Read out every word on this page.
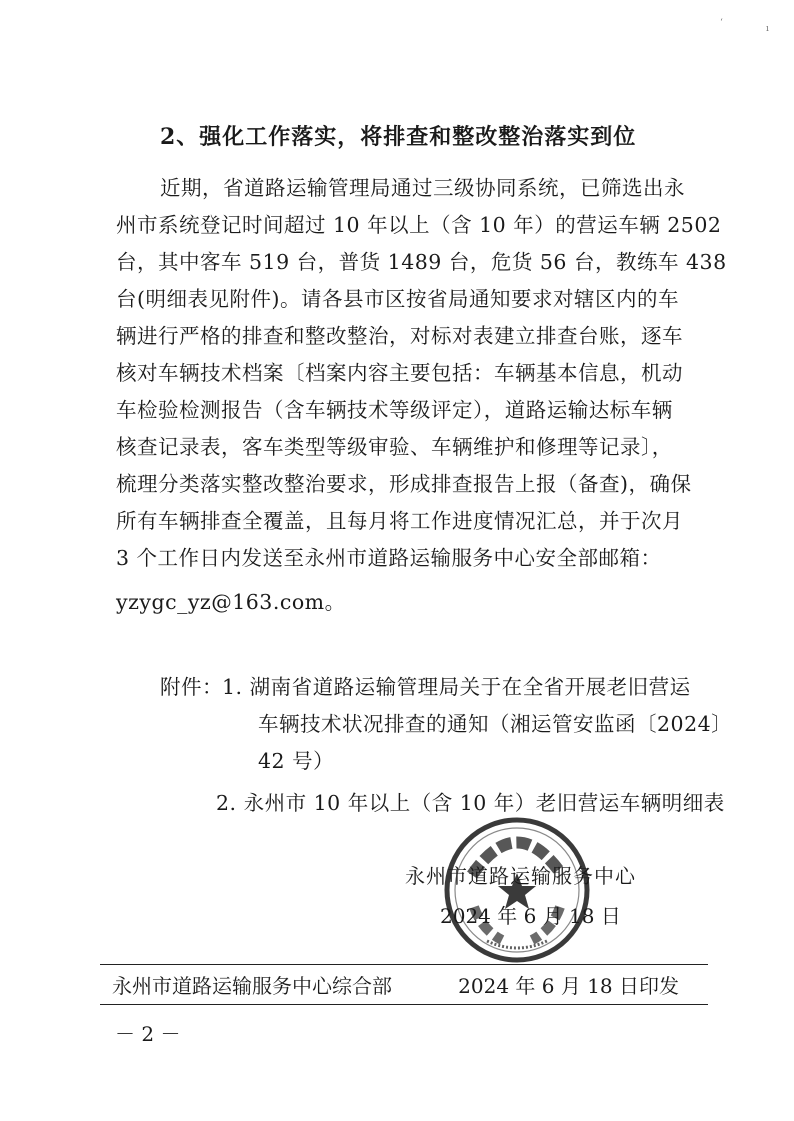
ʻ
ı
2、强化工作落实，将排查和整改整治落实到位
近期，省道路运输管理局通过三级协同系统，已筛选出永
州市系统登记时间超过 10 年以上（含 10 年）的营运车辆 2502
台，其中客车 519 台，普货 1489 台，危货 56 台，教练车 438
台(明细表见附件)。请各县市区按省局通知要求对辖区内的车
辆进行严格的排查和整改整治，对标对表建立排查台账，逐车
核对车辆技术档案〔档案内容主要包括：车辆基本信息，机动
车检验检测报告（含车辆技术等级评定），道路运输达标车辆
核查记录表，客车类型等级审验、车辆维护和修理等记录〕，
梳理分类落实整改整治要求，形成排查报告上报（备查)，确保
所有车辆排查全覆盖，且每月将工作进度情况汇总，并于次月
3 个工作日内发送至永州市道路运输服务中心安全部邮箱：
yzygc_yz@163.com。
附件： 1. 湖南省道路运输管理局关于在全省开展老旧营运
车辆技术状况排查的通知（湘运管安监函〔2024〕
42 号）
2. 永州市 10 年以上（含 10 年）老旧营运车辆明细表
永州市道路运输服务中心
2024 年 6 月 18 日
永州市道路运输服务中心综合部	2024 年 6 月 18 日印发
－ 2 －
